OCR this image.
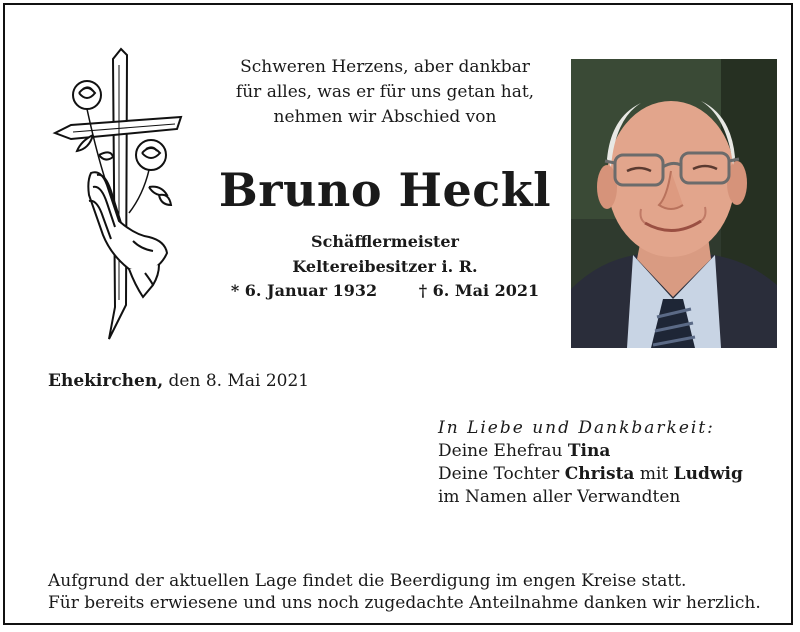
Schweren Herzens, aber dankbar
für alles, was er für uns getan hat,
nehmen wir Abschied von
Bruno Heckl
Schäfflermeister
Keltereibesitzer i. R.
* 6. Januar 1932	† 6. Mai 2021
Ehekirchen, den 8. Mai 2021
In Liebe und Dankbarkeit:
Deine Ehefrau Tina
Deine Tochter Christa mit Ludwig
im Namen aller Verwandten
Aufgrund der aktuellen Lage findet die Beerdigung im engen Kreise statt.
Für bereits erwiesene und uns noch zugedachte Anteilnahme danken wir herzlich.
